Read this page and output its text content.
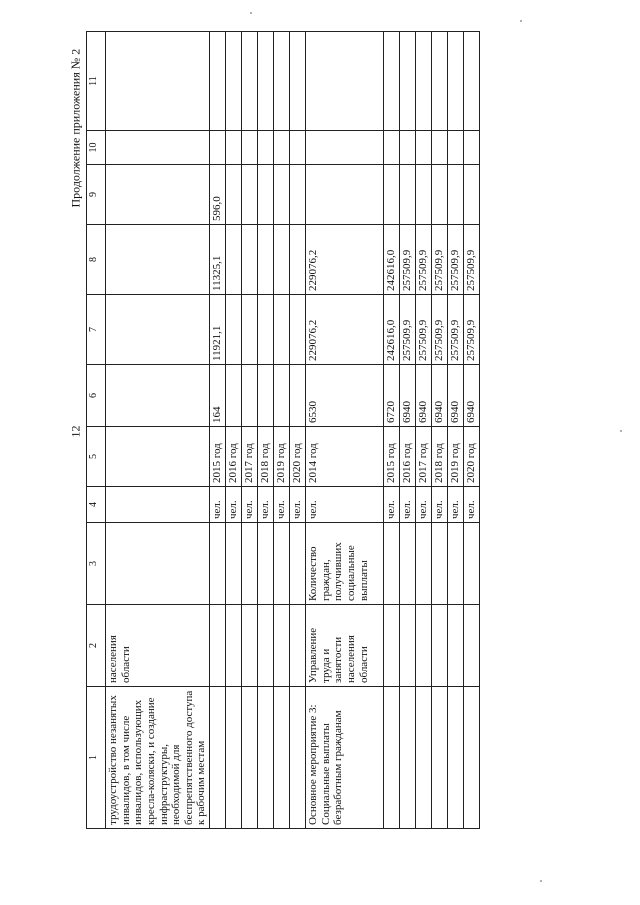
12
Продолжение приложения № 2
1	2	3	4	5	6	7	8	9	10	11
трудоустройство незанятых инвалидов, в том числе инвалидов, использующих кресла-коляски, и создание инфраструктуры, необходимой для беспрепятственного доступа к рабочим местам	населения области									
			чел.	2015 год	164	11921,1	11325,1	596,0		
			чел.	2016 год						
			чел.	2017 год						
			чел.	2018 год						
			чел.	2019 год						
			чел.	2020 год						
Основное мероприятие 3: Социальные выплаты безработным гражданам	Управление труда и занятости населения области	Количество граждан, получивших социальные выплаты	чел.	2014 год	6530	229076,2	229076,2			
			чел.	2015 год	6720	242616,0	242616,0			
			чел.	2016 год	6940	257509,9	257509,9			
			чел.	2017 год	6940	257509,9	257509,9			
			чел.	2018 год	6940	257509,9	257509,9			
			чел.	2019 год	6940	257509,9	257509,9			
			чел.	2020 год	6940	257509,9	257509,9			
